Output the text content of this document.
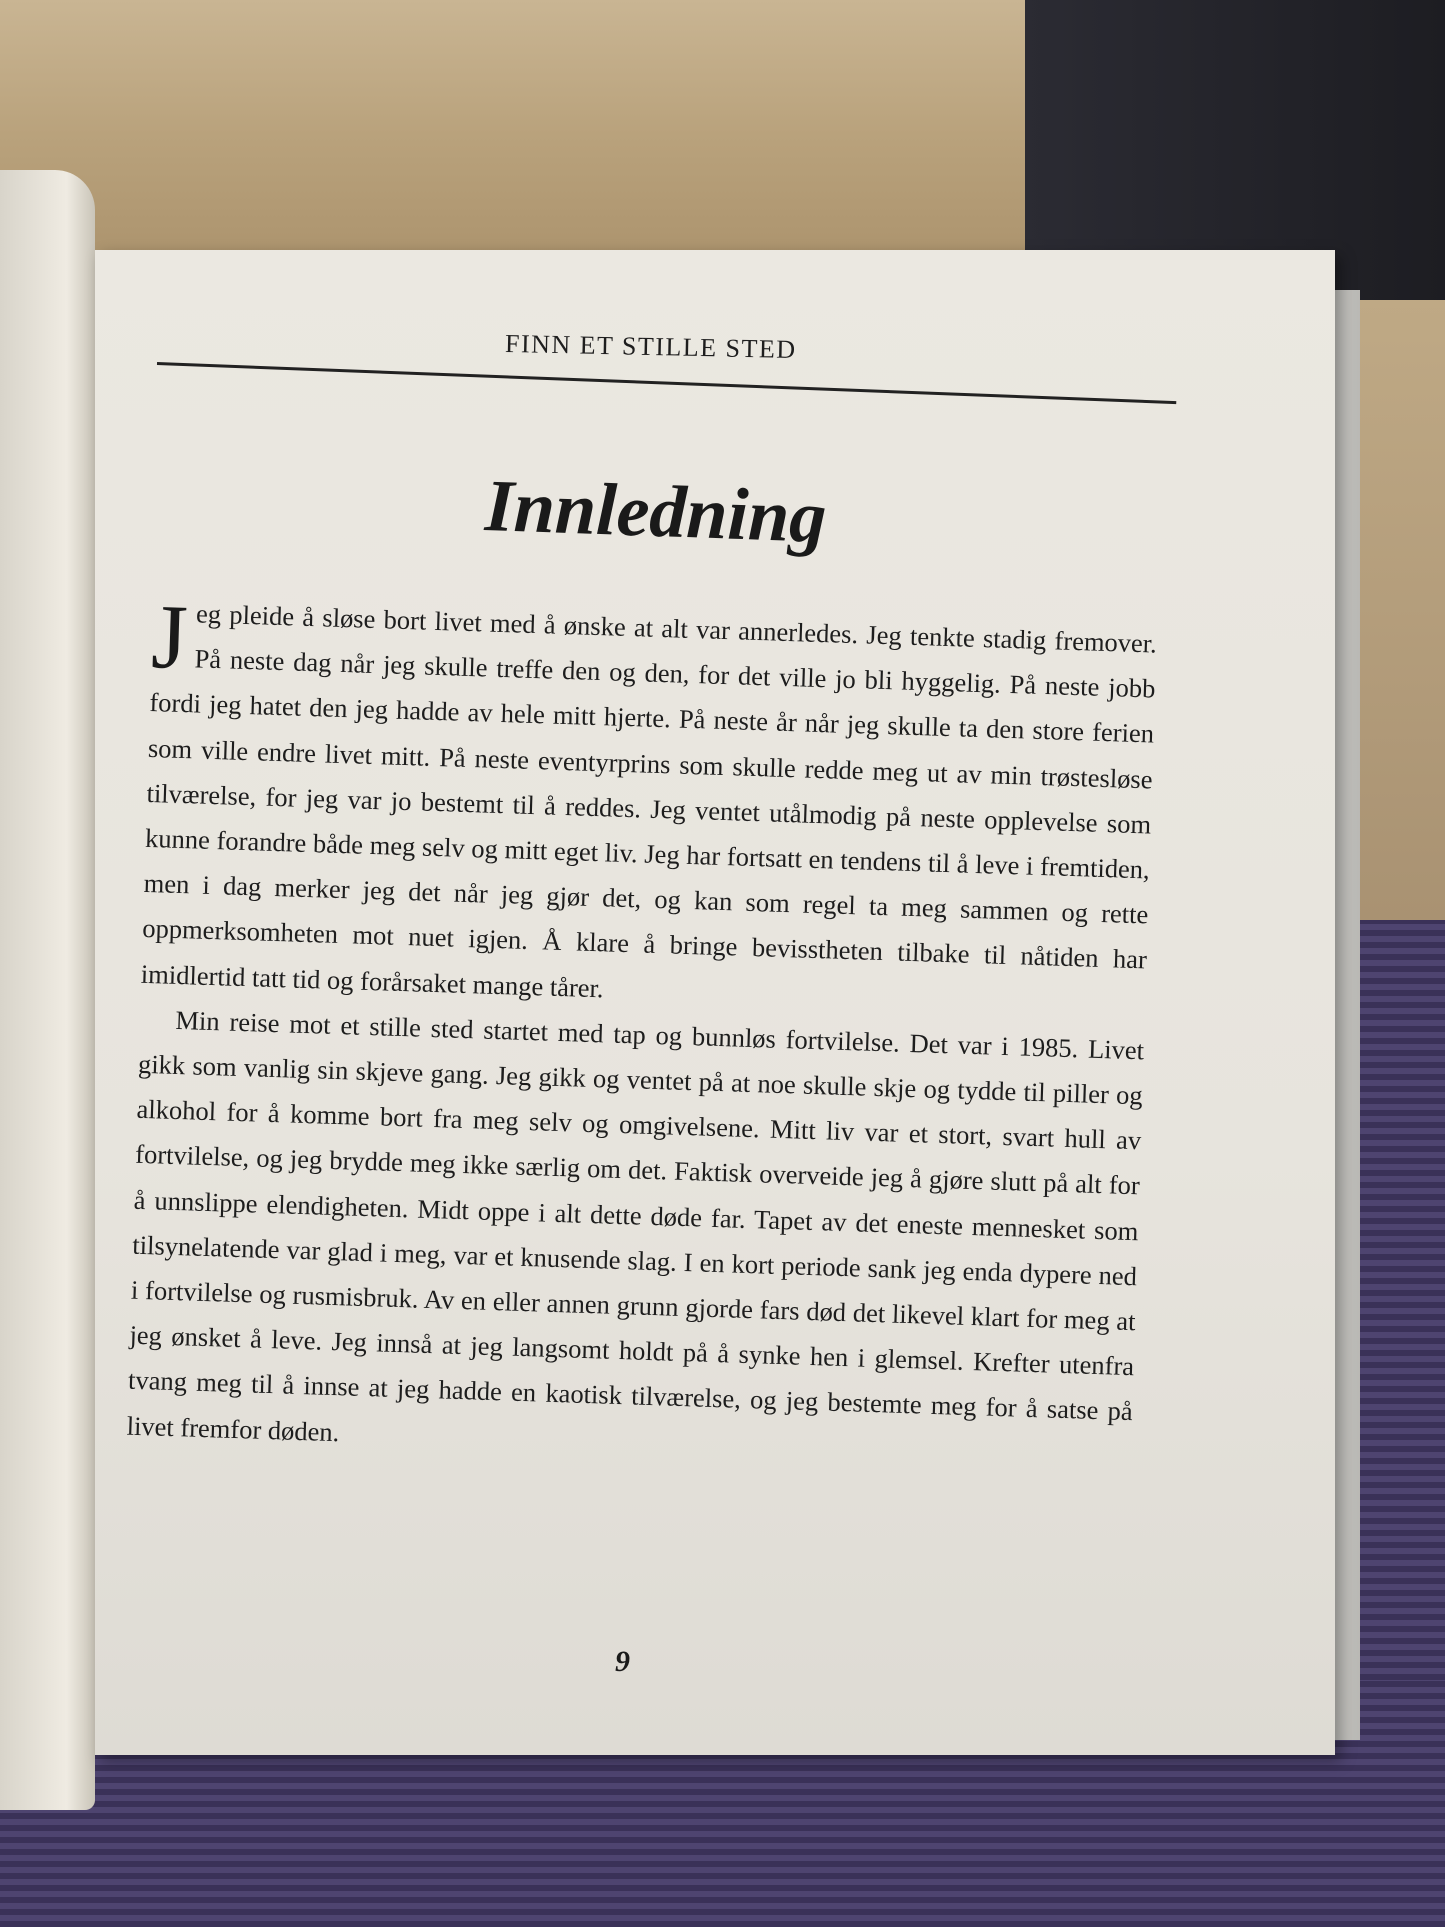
FINN ET STILLE STED
Innledning

Jeg pleide å sløse bort livet med å ønske at alt var annerledes. Jeg tenkte stadig fremover. På neste dag når jeg skulle treffe den og den, for det ville jo bli hyggelig. På neste jobb fordi jeg hatet den jeg hadde av hele mitt hjerte. På neste år når jeg skulle ta den store ferien som ville endre livet mitt. På neste eventyrprins som skulle redde meg ut av min trøstesløse tilværelse, for jeg var jo bestemt til å reddes. Jeg ventet utålmodig på neste opplevelse som kunne forandre både meg selv og mitt eget liv. Jeg har fortsatt en tendens til å leve i fremtiden, men i dag merker jeg det når jeg gjør det, og kan som regel ta meg sammen og rette oppmerksomheten mot nuet igjen. Å klare å bringe bevisstheten tilbake til nåtiden har imidlertid tatt tid og forårsaket mange tårer.

Min reise mot et stille sted startet med tap og bunnløs fortvilelse. Det var i 1985. Livet gikk som vanlig sin skjeve gang. Jeg gikk og ventet på at noe skulle skje og tydde til piller og alkohol for å komme bort fra meg selv og omgivelsene. Mitt liv var et stort, svart hull av fortvilelse, og jeg brydde meg ikke særlig om det. Faktisk overveide jeg å gjøre slutt på alt for å unnslippe elendigheten. Midt oppe i alt dette døde far. Tapet av det eneste mennesket som tilsynelatende var glad i meg, var et knusende slag. I en kort periode sank jeg enda dypere ned i fortvilelse og rusmisbruk. Av en eller annen grunn gjorde fars død det likevel klart for meg at jeg ønsket å leve. Jeg innså at jeg langsomt holdt på å synke hen i glemsel. Krefter utenfra tvang meg til å innse at jeg hadde en kaotisk tilværelse, og jeg bestemte meg for å satse på livet fremfor døden.

9
